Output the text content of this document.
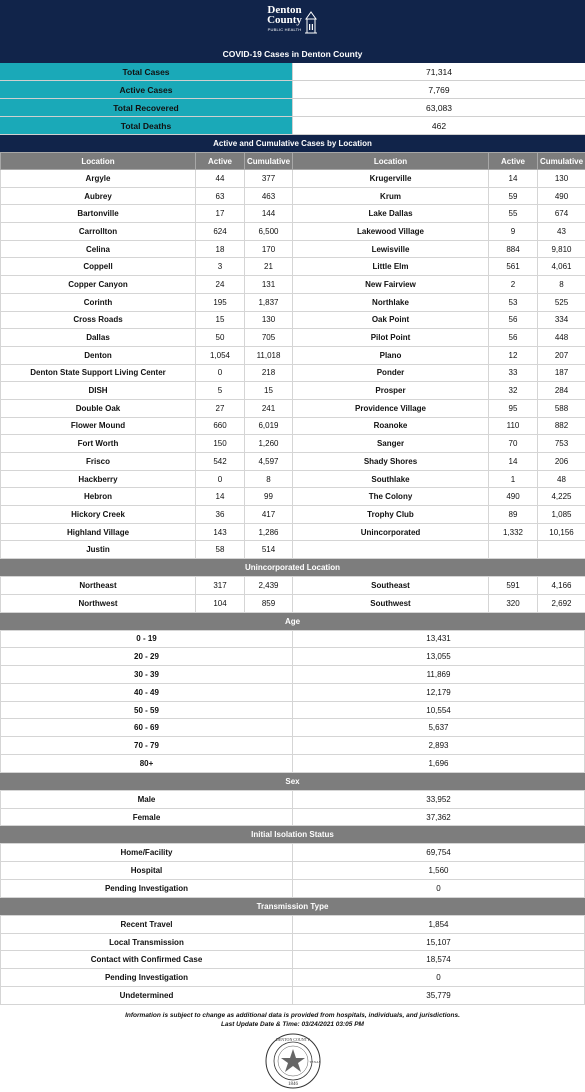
Denton
County
PUBLIC HEALTH
COVID-19 Cases in Denton County
Total Cases	71,314
Active Cases	7,769
Total Recovered	63,083
Total Deaths	462
Active and Cumulative Cases by Location
Location	Active	Cumulative	Location	Active	Cumulative
Argyle	44	377	Krugerville	14	130
Aubrey	63	463	Krum	59	490
Bartonville	17	144	Lake Dallas	55	674
Carrollton	624	6,500	Lakewood Village	9	43
Celina	18	170	Lewisville	884	9,810
Coppell	3	21	Little Elm	561	4,061
Copper Canyon	24	131	New Fairview	2	8
Corinth	195	1,837	Northlake	53	525
Cross Roads	15	130	Oak Point	56	334
Dallas	50	705	Pilot Point	56	448
Denton	1,054	11,018	Plano	12	207
Denton State Support Living Center	0	218	Ponder	33	187
DISH	5	15	Prosper	32	284
Double Oak	27	241	Providence Village	95	588
Flower Mound	660	6,019	Roanoke	110	882
Fort Worth	150	1,260	Sanger	70	753
Frisco	542	4,597	Shady Shores	14	206
Hackberry	0	8	Southlake	1	48
Hebron	14	99	The Colony	490	4,225
Hickory Creek	36	417	Trophy Club	89	1,085
Highland Village	143	1,286	Unincorporated	1,332	10,156
Justin	58	514			
Unincorporated Location
Northeast	317	2,439	Southeast	591	4,166
Northwest	104	859	Southwest	320	2,692
Age
0 - 19	13,431
20 - 29	13,055
30 - 39	11,869
40 - 49	12,179
50 - 59	10,554
60 - 69	5,637
70 - 79	2,893
80+	1,696
Sex
Male	33,952
Female	37,362
Initial Isolation Status
Home/Facility	69,754
Hospital	1,560
Pending Investigation	0
Transmission Type
Recent Travel	1,854
Local Transmission	15,107
Contact with Confirmed Case	18,574
Pending Investigation	0
Undetermined	35,779
Information is subject to change as additional data is provided from hospitals, individuals, and jurisdictions.
Last Update Date & Time: 03/24/2021 03:05 PM
1846
DENTON COUNTY
TEXAS
